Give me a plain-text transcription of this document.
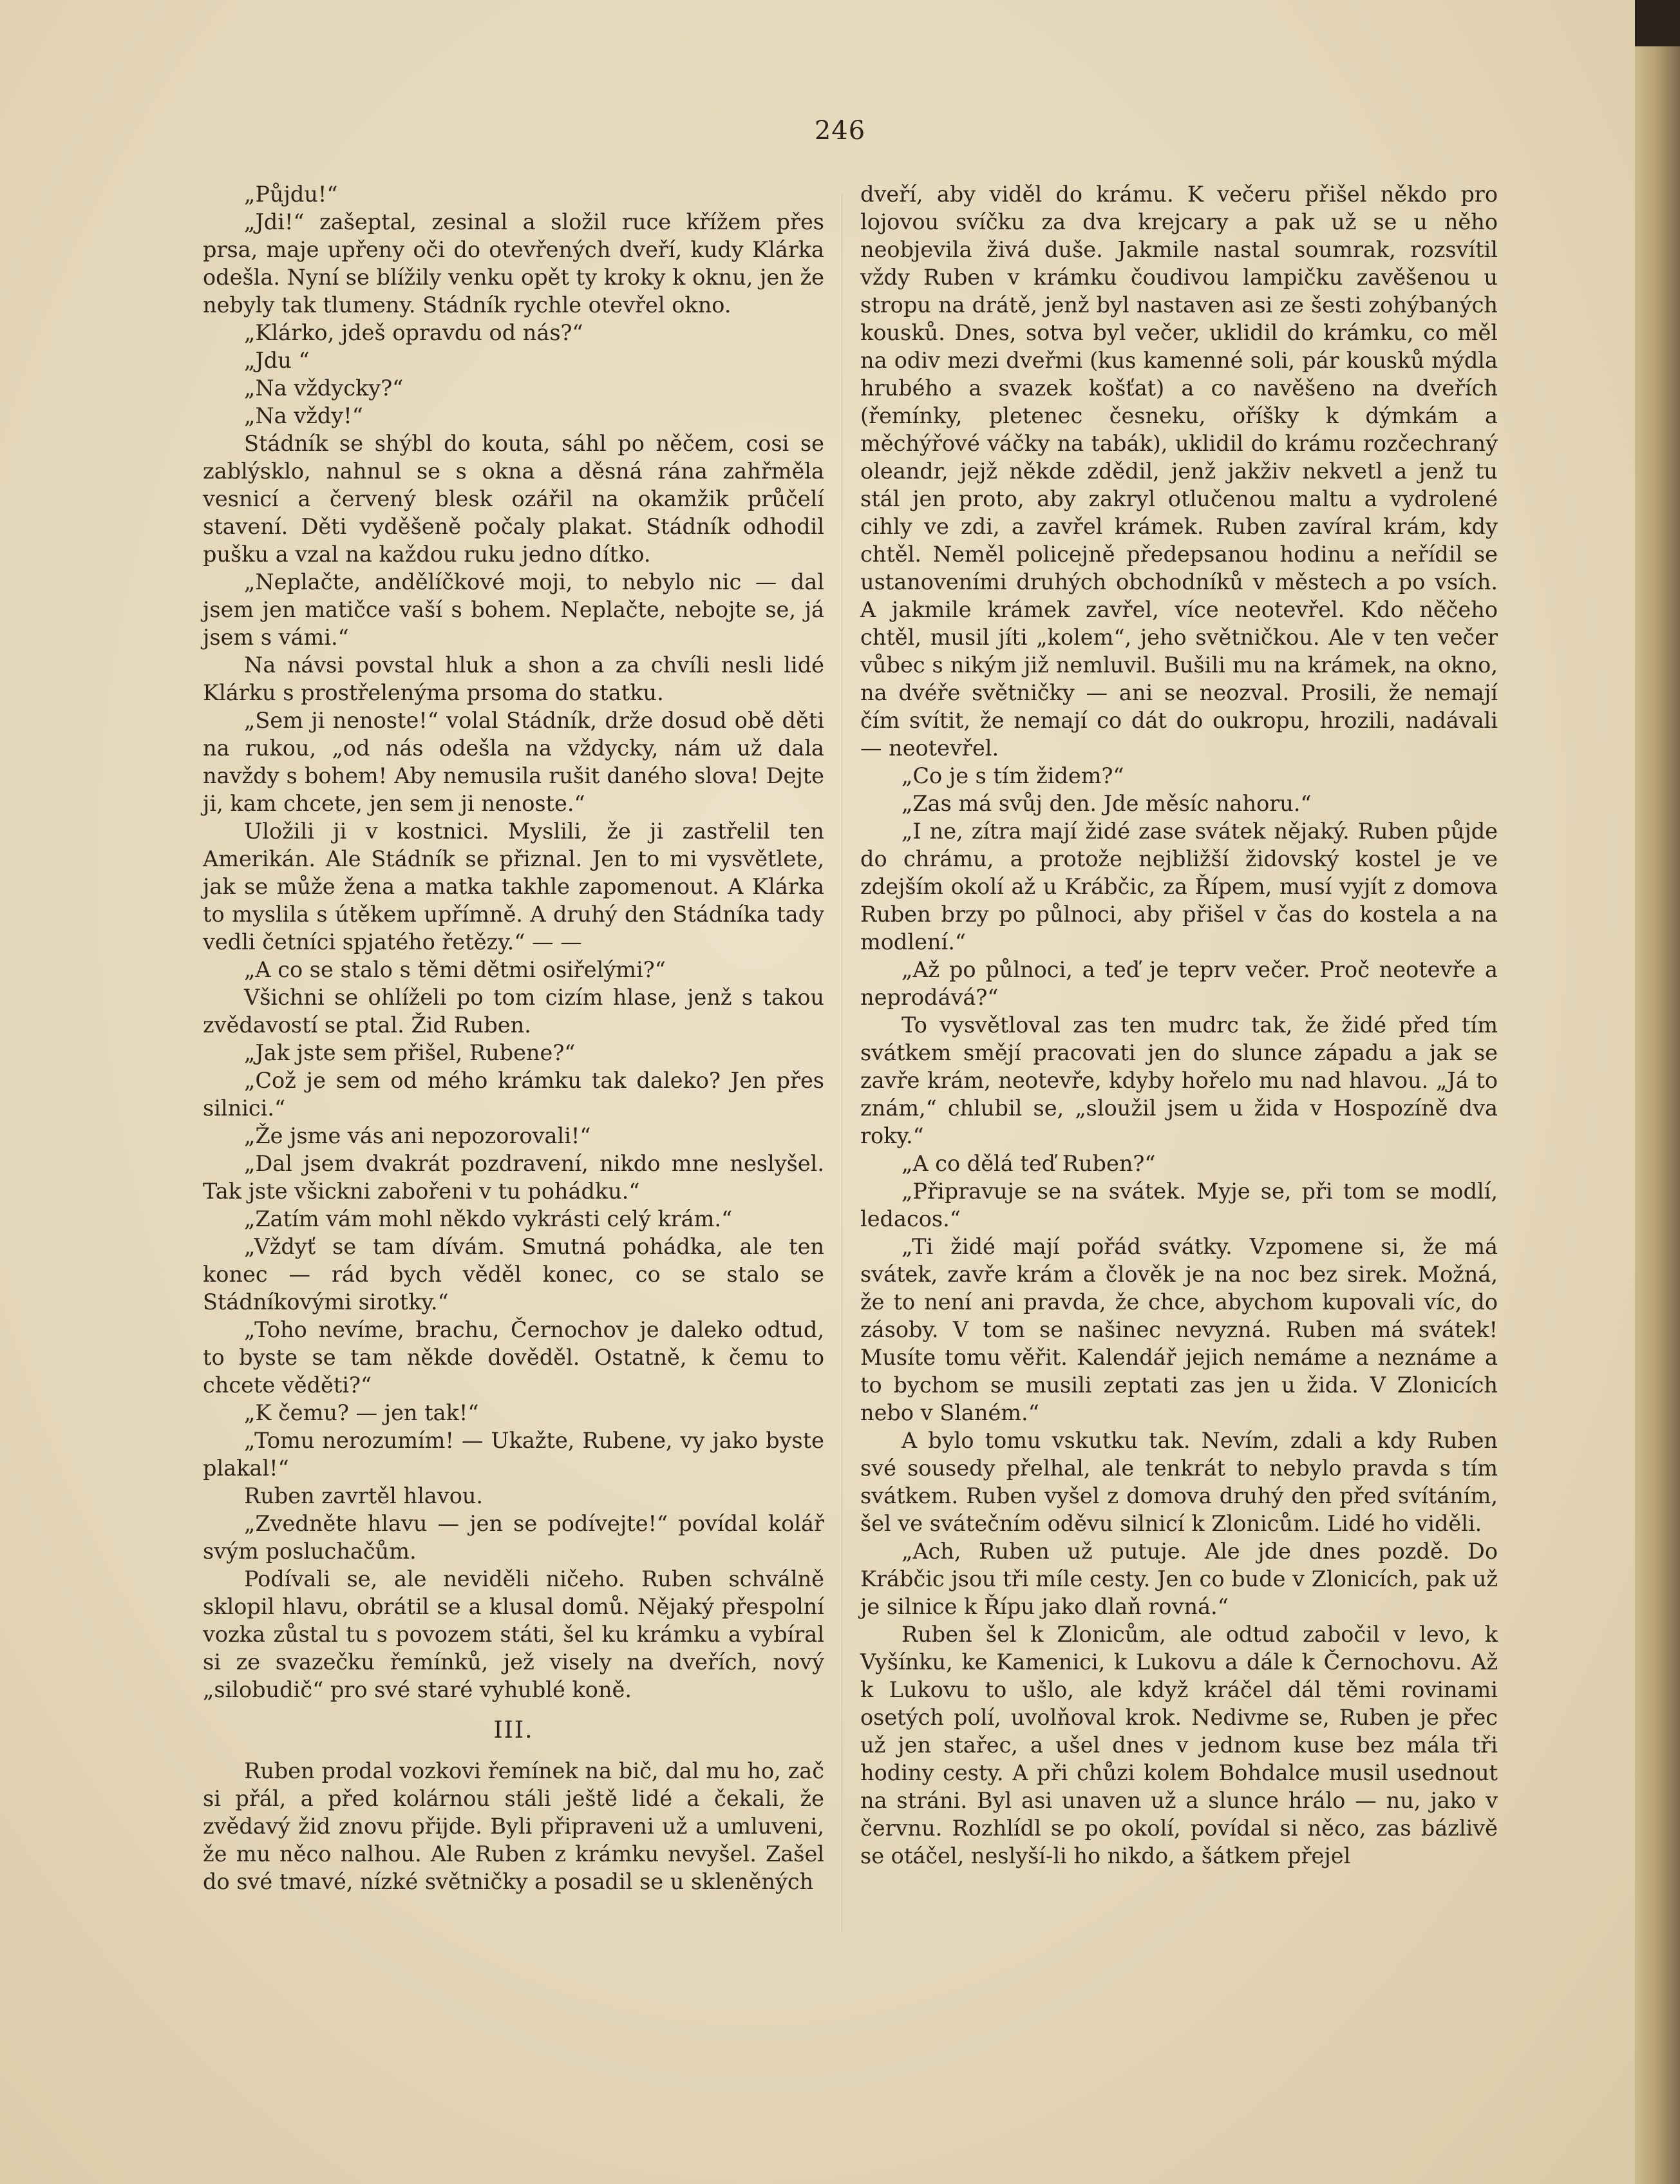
246

„Půjdu!“

„Jdi!“ zašeptal, zesinal a složil ruce křížem přes prsa, maje upřeny oči do otevřených dveří, kudy Klárka odešla. Nyní se blížily venku opět ty kroky k oknu, jen že nebyly tak tlumeny. Stádník rychle otevřel okno.

„Klárko, jdeš opravdu od nás?“

„Jdu “

„Na vždycky?“

„Na vždy!“

Stádník se shýbl do kouta, sáhl po něčem, cosi se zablýsklo, nahnul se s okna a děsná rána zahřměla vesnicí a červený blesk ozářil na okamžik průčelí stavení. Děti vyděšeně počaly plakat. Stádník odhodil pušku a vzal na každou ruku jedno dítko.

„Neplačte, andělíčkové moji, to nebylo nic — dal jsem jen matičce vaší s bohem. Neplačte, nebojte se, já jsem s vámi.“

Na návsi povstal hluk a shon a za chvíli nesli lidé Klárku s prostřelenýma prsoma do statku.

„Sem ji nenoste!“ volal Stádník, drže dosud obě děti na rukou, „od nás odešla na vždycky, nám už dala navždy s bohem! Aby nemusila rušit daného slova! Dejte ji, kam chcete, jen sem ji nenoste.“

Uložili ji v kostnici. Myslili, že ji zastřelil ten Amerikán. Ale Stádník se přiznal. Jen to mi vysvětlete, jak se může žena a matka takhle zapomenout. A Klárka to myslila s útěkem upřímně. A druhý den Stádníka tady vedli četníci spjatého řetězy.“ — —

„A co se stalo s těmi dětmi osiřelými?“

Všichni se ohlíželi po tom cizím hlase, jenž s takou zvědavostí se ptal. Žid Ruben.

„Jak jste sem přišel, Rubene?“

„Což je sem od mého krámku tak daleko? Jen přes silnici.“

„Že jsme vás ani nepozorovali!“

„Dal jsem dvakrát pozdravení, nikdo mne neslyšel. Tak jste všickni zabořeni v tu pohádku.“

„Zatím vám mohl někdo vykrásti celý krám.“

„Vždyť se tam dívám. Smutná pohádka, ale ten konec — rád bych věděl konec, co se stalo se Stádníkovými sirotky.“

„Toho nevíme, brachu, Černochov je daleko odtud, to byste se tam někde dověděl. Ostatně, k čemu to chcete věděti?“

„K čemu? — jen tak!“

„Tomu nerozumím! — Ukažte, Rubene, vy jako byste plakal!“

Ruben zavrtěl hlavou.

„Zvedněte hlavu — jen se podívejte!“ povídal kolář svým posluchačům.

Podívali se, ale neviděli ničeho. Ruben schválně sklopil hlavu, obrátil se a klusal domů. Nějaký přespolní vozka zůstal tu s povozem státi, šel ku krámku a vybíral si ze svazečku řemínků, jež visely na dveřích, nový „silobudič“ pro své staré vyhublé koně.

III.

Ruben prodal vozkovi řemínek na bič, dal mu ho, zač si přál, a před kolárnou stáli ještě lidé a čekali, že zvědavý žid znovu přijde. Byli připraveni už a umluveni, že mu něco nalhou. Ale Ruben z krámku nevyšel. Zašel do své tmavé, nízké světničky a posadil se u skleněných

dveří, aby viděl do krámu. K večeru přišel někdo pro lojovou svíčku za dva krejcary a pak už se u něho neobjevila živá duše. Jakmile nastal soumrak, rozsvítil vždy Ruben v krámku čoudivou lampičku zavěšenou u stropu na drátě, jenž byl nastaven asi ze šesti zohýbaných kousků. Dnes, sotva byl večer, uklidil do krámku, co měl na odiv mezi dveřmi (kus kamenné soli, pár kousků mýdla hrubého a svazek košťat) a co navěšeno na dveřích (řemínky, pletenec česneku, oříšky k dýmkám a měchýřové váčky na tabák), uklidil do krámu rozčechraný oleandr, jejž někde zdědil, jenž jakživ nekvetl a jenž tu stál jen proto, aby zakryl otlučenou maltu a vydrolené cihly ve zdi, a zavřel krámek. Ruben zavíral krám, kdy chtěl. Neměl policejně předepsanou hodinu a neřídil se ustanoveními druhých obchodníků v městech a po vsích. A jakmile krámek zavřel, více neotevřel. Kdo něčeho chtěl, musil jíti „kolem“, jeho světničkou. Ale v ten večer vůbec s nikým již nemluvil. Bušili mu na krámek, na okno, na dvéře světničky — ani se neozval. Prosili, že nemají čím svítit, že nemají co dát do oukropu, hrozili, nadávali — neotevřel.

„Co je s tím židem?“

„Zas má svůj den. Jde měsíc nahoru.“

„I ne, zítra mají židé zase svátek nějaký. Ruben půjde do chrámu, a protože nejbližší židovský kostel je ve zdejším okolí až u Krábčic, za Řípem, musí vyjít z domova Ruben brzy po půlnoci, aby přišel v čas do kostela a na modlení.“

„Až po půlnoci, a teď je teprv večer. Proč neotevře a neprodává?“

To vysvětloval zas ten mudrc tak, že židé před tím svátkem smějí pracovati jen do slunce západu a jak se zavře krám, neotevře, kdyby hořelo mu nad hlavou. „Já to znám,“ chlubil se, „sloužil jsem u žida v Hospozíně dva roky.“

„A co dělá teď Ruben?“

„Připravuje se na svátek. Myje se, při tom se modlí, ledacos.“

„Ti židé mají pořád svátky. Vzpomene si, že má svátek, zavře krám a člověk je na noc bez sirek. Možná, že to není ani pravda, že chce, abychom kupovali víc, do zásoby. V tom se našinec nevyzná. Ruben má svátek! Musíte tomu věřit. Kalendář jejich nemáme a neznáme a to bychom se musili zeptati zas jen u žida. V Zlonicích nebo v Slaném.“

A bylo tomu vskutku tak. Nevím, zdali a kdy Ruben své sousedy přelhal, ale tenkrát to nebylo pravda s tím svátkem. Ruben vyšel z domova druhý den před svítáním, šel ve svátečním oděvu silnicí k Zlonicům. Lidé ho viděli.

„Ach, Ruben už putuje. Ale jde dnes pozdě. Do Krábčic jsou tři míle cesty. Jen co bude v Zlonicích, pak už je silnice k Řípu jako dlaň rovná.“

Ruben šel k Zlonicům, ale odtud zabočil v levo, k Vyšínku, ke Kamenici, k Lukovu a dále k Černochovu. Až k Lukovu to ušlo, ale když kráčel dál těmi rovinami osetých polí, uvolňoval krok. Nedivme se, Ruben je přec už jen stařec, a ušel dnes v jednom kuse bez mála tři hodiny cesty. A při chůzi kolem Bohdalce musil usednout na stráni. Byl asi unaven už a slunce hrálo — nu, jako v červnu. Rozhlídl se po okolí, povídal si něco, zas bázlivě se otáčel, neslyší-li ho nikdo, a šátkem přejel
